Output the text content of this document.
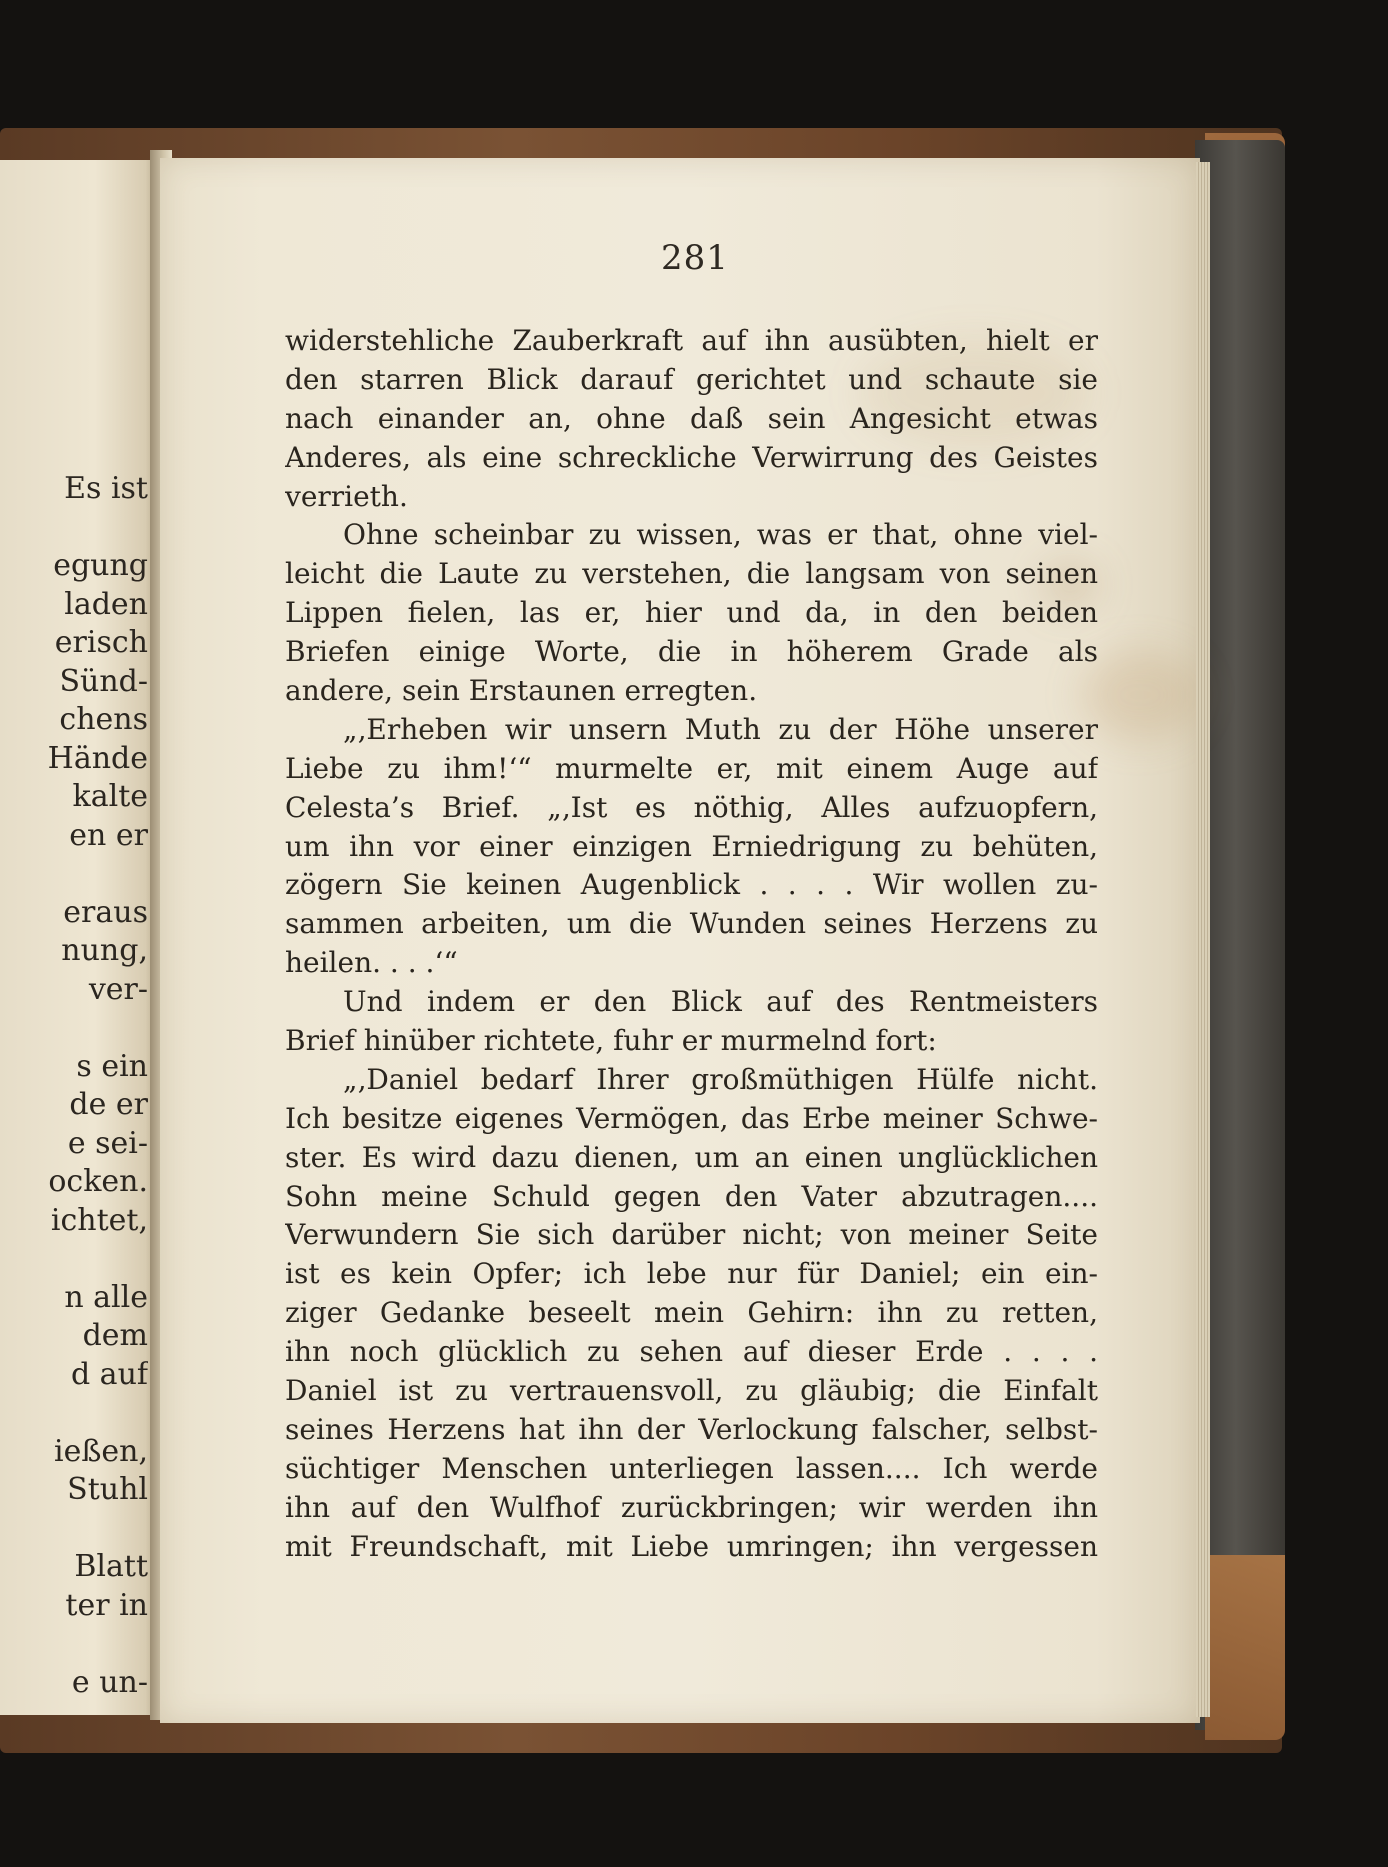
Es ist
egung
laden
erisch
Sünd-
chens
Hände
kalte
en er
eraus
nung,
ver-
s ein
de er
e sei-
ocken.
ichtet,
n alle
dem
d auf
ießen,
Stuhl
Blatt
ter in
e un-
281
widerstehliche Zauberkraft auf ihn ausübten, hielt er
den starren Blick darauf gerichtet und schaute sie
nach einander an, ohne daß sein Angesicht etwas
Anderes, als eine schreckliche Verwirrung des Geistes
verrieth.
Ohne scheinbar zu wissen, was er that, ohne viel-
leicht die Laute zu verstehen, die langsam von seinen
Lippen fielen, las er, hier und da, in den beiden
Briefen einige Worte, die in höherem Grade als
andere, sein Erstaunen erregten.
„‚Erheben wir unsern Muth zu der Höhe unserer
Liebe zu ihm!‘“ murmelte er, mit einem Auge auf
Celesta’s Brief. „‚Ist es nöthig, Alles aufzuopfern,
um ihn vor einer einzigen Erniedrigung zu behüten,
zögern Sie keinen Augenblick . . . . Wir wollen zu-
sammen arbeiten, um die Wunden seines Herzens zu
heilen. . . .‘“
Und indem er den Blick auf des Rentmeisters
Brief hinüber richtete, fuhr er murmelnd fort:
„‚Daniel bedarf Ihrer großmüthigen Hülfe nicht.
Ich besitze eigenes Vermögen, das Erbe meiner Schwe-
ster. Es wird dazu dienen, um an einen unglücklichen
Sohn meine Schuld gegen den Vater abzutragen....
Verwundern Sie sich darüber nicht; von meiner Seite
ist es kein Opfer; ich lebe nur für Daniel; ein ein-
ziger Gedanke beseelt mein Gehirn: ihn zu retten,
ihn noch glücklich zu sehen auf dieser Erde . . . .
Daniel ist zu vertrauensvoll, zu gläubig; die Einfalt
seines Herzens hat ihn der Verlockung falscher, selbst-
süchtiger Menschen unterliegen lassen.... Ich werde
ihn auf den Wulfhof zurückbringen; wir werden ihn
mit Freundschaft, mit Liebe umringen; ihn vergessen
